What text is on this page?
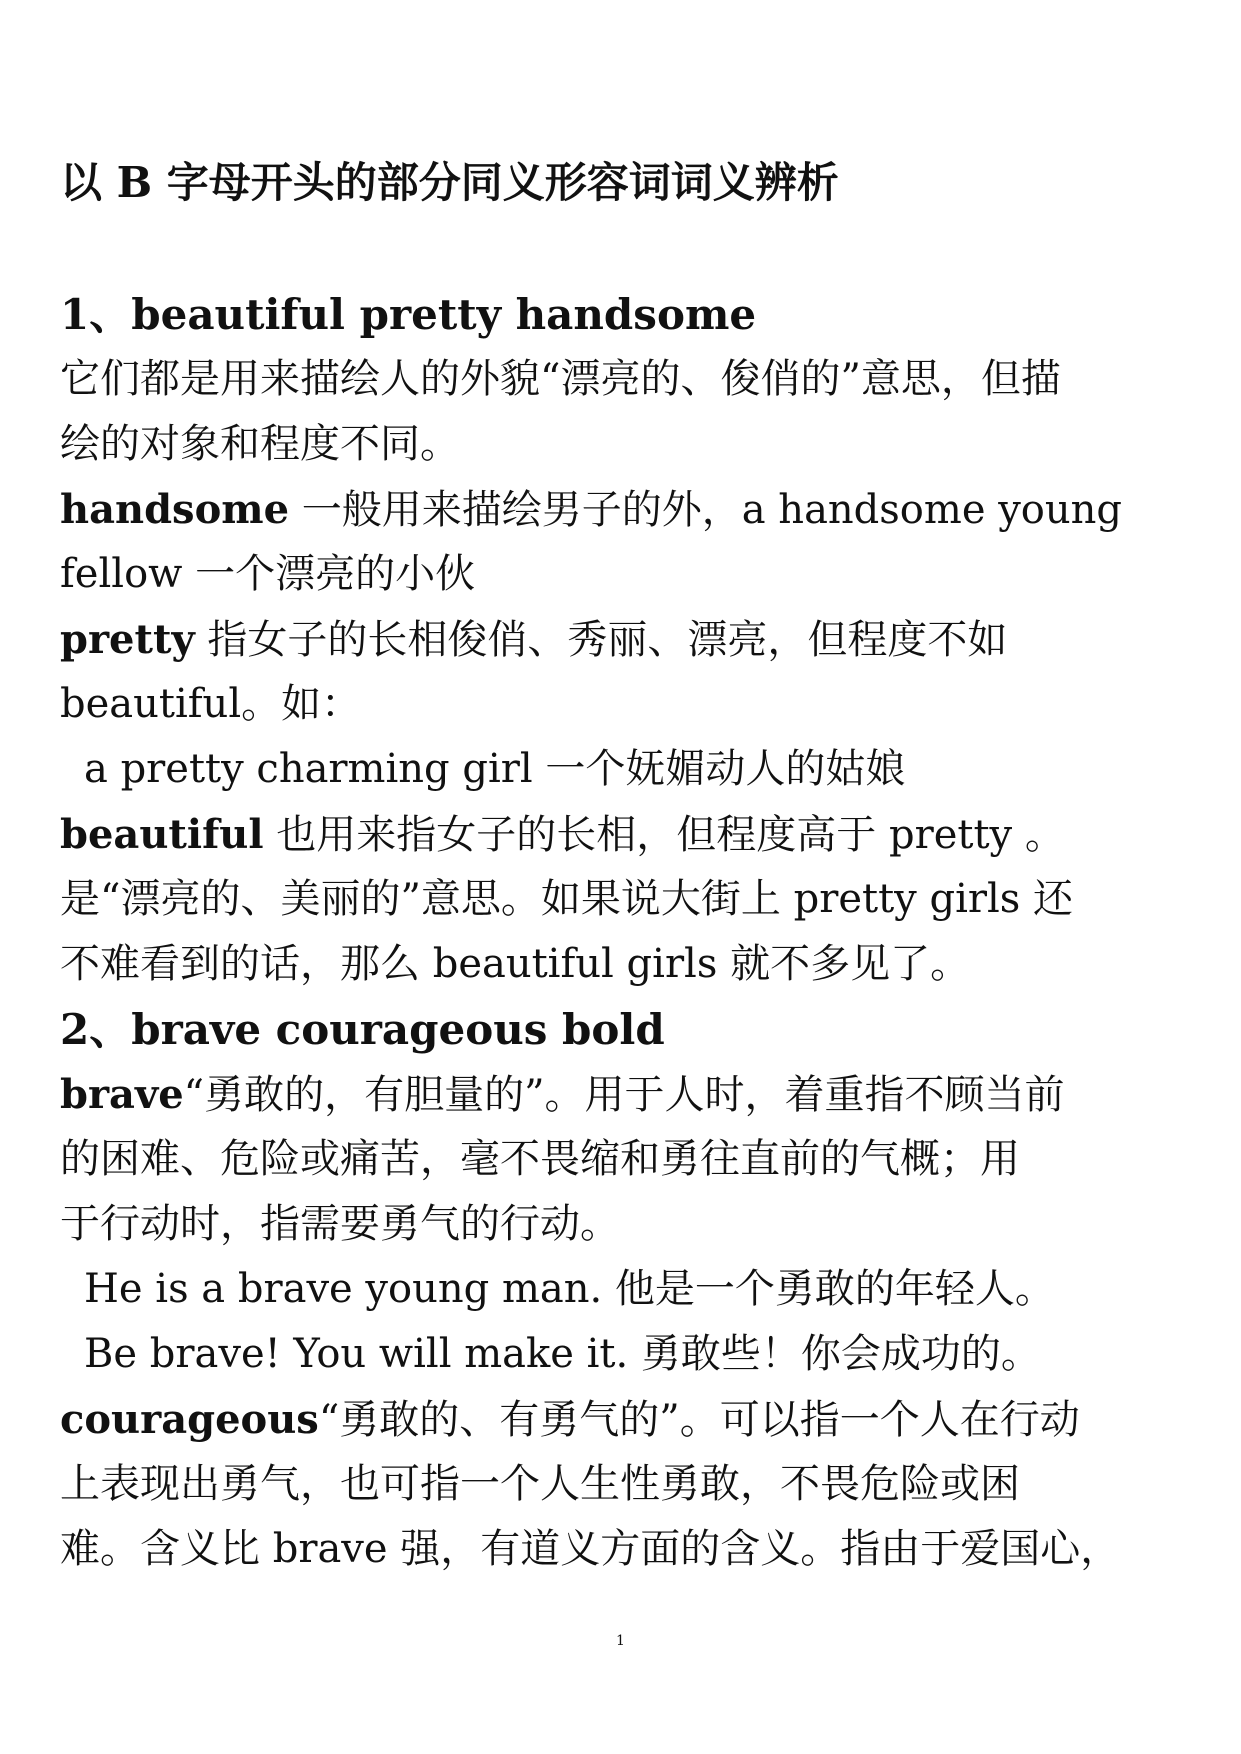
以 B 字母开头的部分同义形容词词义辨析
1、beautiful pretty handsome
它们都是用来描绘人的外貌“漂亮的、俊俏的”意思，但描
绘的对象和程度不同。
handsome 一般用来描绘男子的外，a handsome young
fellow 一个漂亮的小伙
pretty 指女子的长相俊俏、秀丽、漂亮，但程度不如
beautiful。如：
a pretty charming girl 一个妩媚动人的姑娘
beautiful 也用来指女子的长相，但程度高于 pretty 。
是“漂亮的、美丽的”意思。如果说大街上 pretty girls 还
不难看到的话，那么 beautiful girls 就不多见了。
2、brave courageous bold
brave“勇敢的，有胆量的”。用于人时，着重指不顾当前
的困难、危险或痛苦，毫不畏缩和勇往直前的气概；用
于行动时，指需要勇气的行动。
He is a brave young man. 他是一个勇敢的年轻人。
Be brave! You will make it. 勇敢些！你会成功的。
courageous“勇敢的、有勇气的”。可以指一个人在行动
上表现出勇气，也可指一个人生性勇敢，不畏危险或困
难。含义比 brave 强，有道义方面的含义。指由于爱国心，
1
